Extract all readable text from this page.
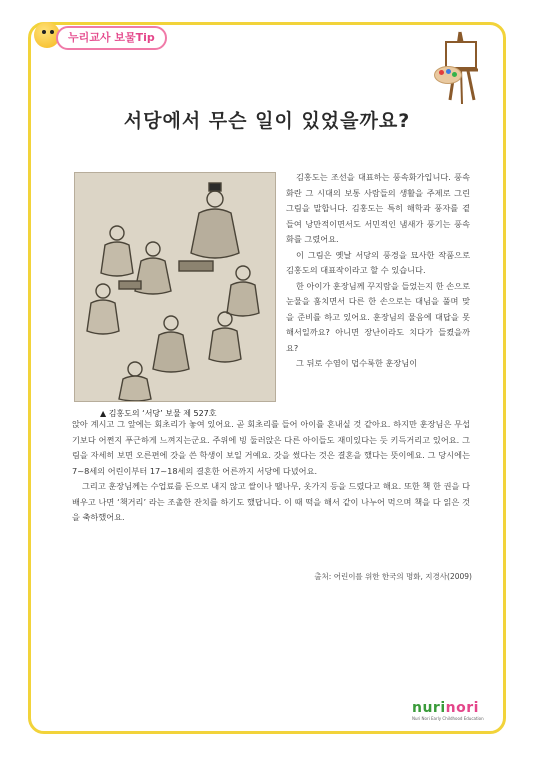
누리교사 보물Tip
서당에서 무슨 일이 있었을까요?
▲ 김홍도의 ‘서당’ 보물 제 527호

김홍도는 조선을 대표하는 풍속화가입니다. 풍속화란 그 시대의 보통 사람들의 생활을 주제로 그린 그림을 말합니다. 김홍도는 특히 해학과 풍자를 곁들여 낭만적이면서도 서민적인 냄새가 풍기는 풍속화를 그렸어요.

이 그림은 옛날 서당의 풍경을 묘사한 작품으로 김홍도의 대표작이라고 할 수 있습니다.

한 아이가 훈장님께 꾸지람을 들었는지 한 손으로 눈물을 훔치면서 다른 한 손으로는 대님을 풀며 맞을 준비를 하고 있어요. 훈장님의 물음에 대답을 못해서일까요? 아니면 장난이라도 치다가 들켰을까요?

그 뒤로 수염이 덥수룩한 훈장님이

앉아 계시고 그 앞에는 회초리가 놓여 있어요. 곧 회초리를 들어 아이를 혼내실 것 같아요. 하지만 훈장님은 무섭기보다 어쩐지 푸근하게 느껴지는군요. 주위에 빙 둘러앉은 다른 아이들도 재미있다는 듯 키득거리고 있어요. 그림을 자세히 보면 오른편에 갓을 쓴 학생이 보일 거예요. 갓을 썼다는 것은 결혼을 했다는 뜻이에요. 그 당시에는 7~8세의 어린이부터 17~18세의 결혼한 어른까지 서당에 다녔어요.

그리고 훈장님께는 수업료를 돈으로 내지 않고 쌀이나 땔나무, 옷가지 등을 드렸다고 해요. 또한 책 한 권을 다 배우고 나면 ‘책거리’ 라는 조촐한 잔치를 하기도 했답니다. 이 때 떡을 해서 같이 나누어 먹으며 책을 다 읽은 것을 축하했어요.

출처: 어린이를 위한 한국의 명화, 지경사(2009)
nurinori
Nuri Nori Early Childhood Education
